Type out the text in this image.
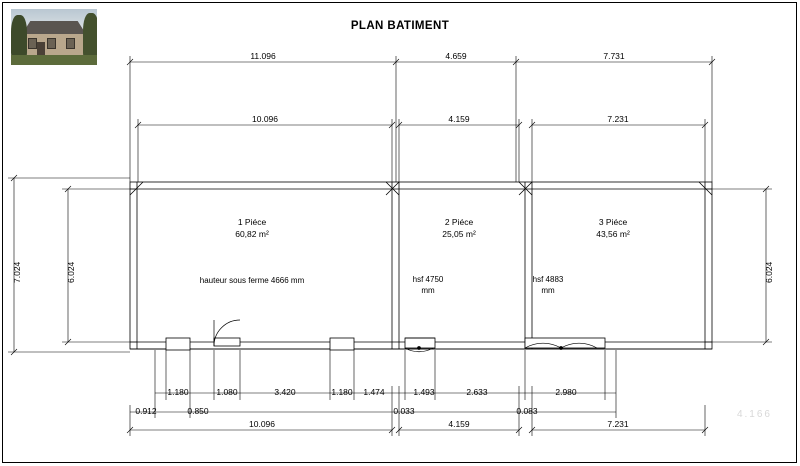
PLAN BATIMENT
11.096	4.659	7.731
10.096	4.159	7.231
7.024	6.024	6.024
1 Piéce
60,82 m²
hauteur sous ferme 4666 mm
2 Piéce
25,05 m²
hsf 4750
mm
3 Piéce
43,56 m²
hsf 4883
mm
1.180	1.080	3.420	1.180 1.474	1.493	2.633	2.980
0.912	0.850	0.033	0.083
10.096	4.159	7.231
4.166
